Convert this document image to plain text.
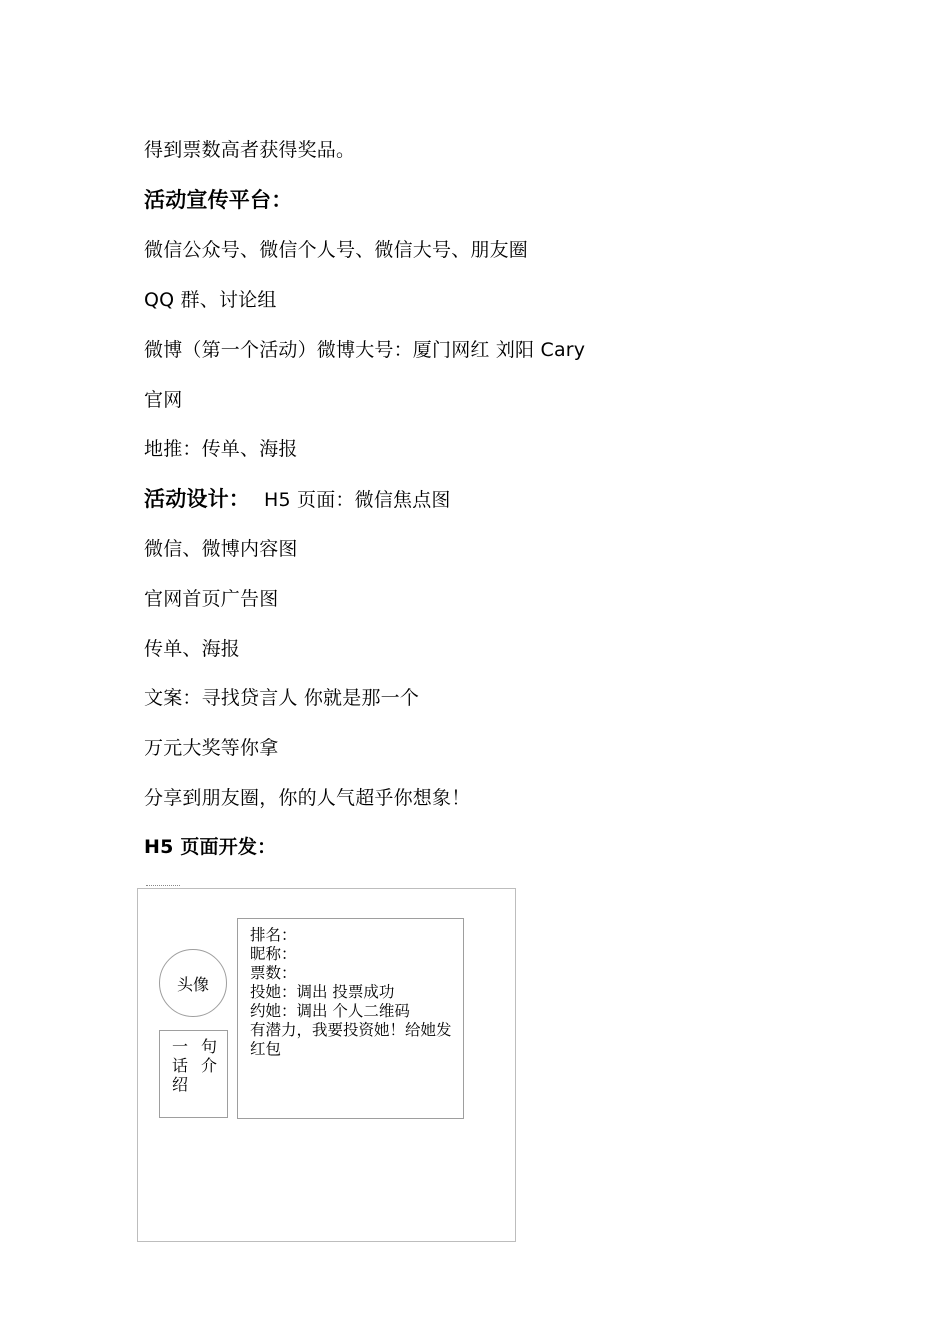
得到票数高者获得奖品。
活动宣传平台：
微信公众号、微信个人号、微信大号、朋友圈
QQ 群、讨论组
微博（第一个活动）微博大号：厦门网红 刘阳 Cary
官网
地推：传单、海报
活动设计： H5 页面：微信焦点图
微信、微博内容图
官网首页广告图
传单、海报
文案：寻找贷言人 你就是那一个
万元大奖等你拿
分享到朋友圈，你的人气超乎你想象！
H5 页面开发：
头像
一句话介绍
排名：
昵称：
票数：
投她：调出 投票成功
约她：调出 个人二维码
有潜力，我要投资她！给她发红包
